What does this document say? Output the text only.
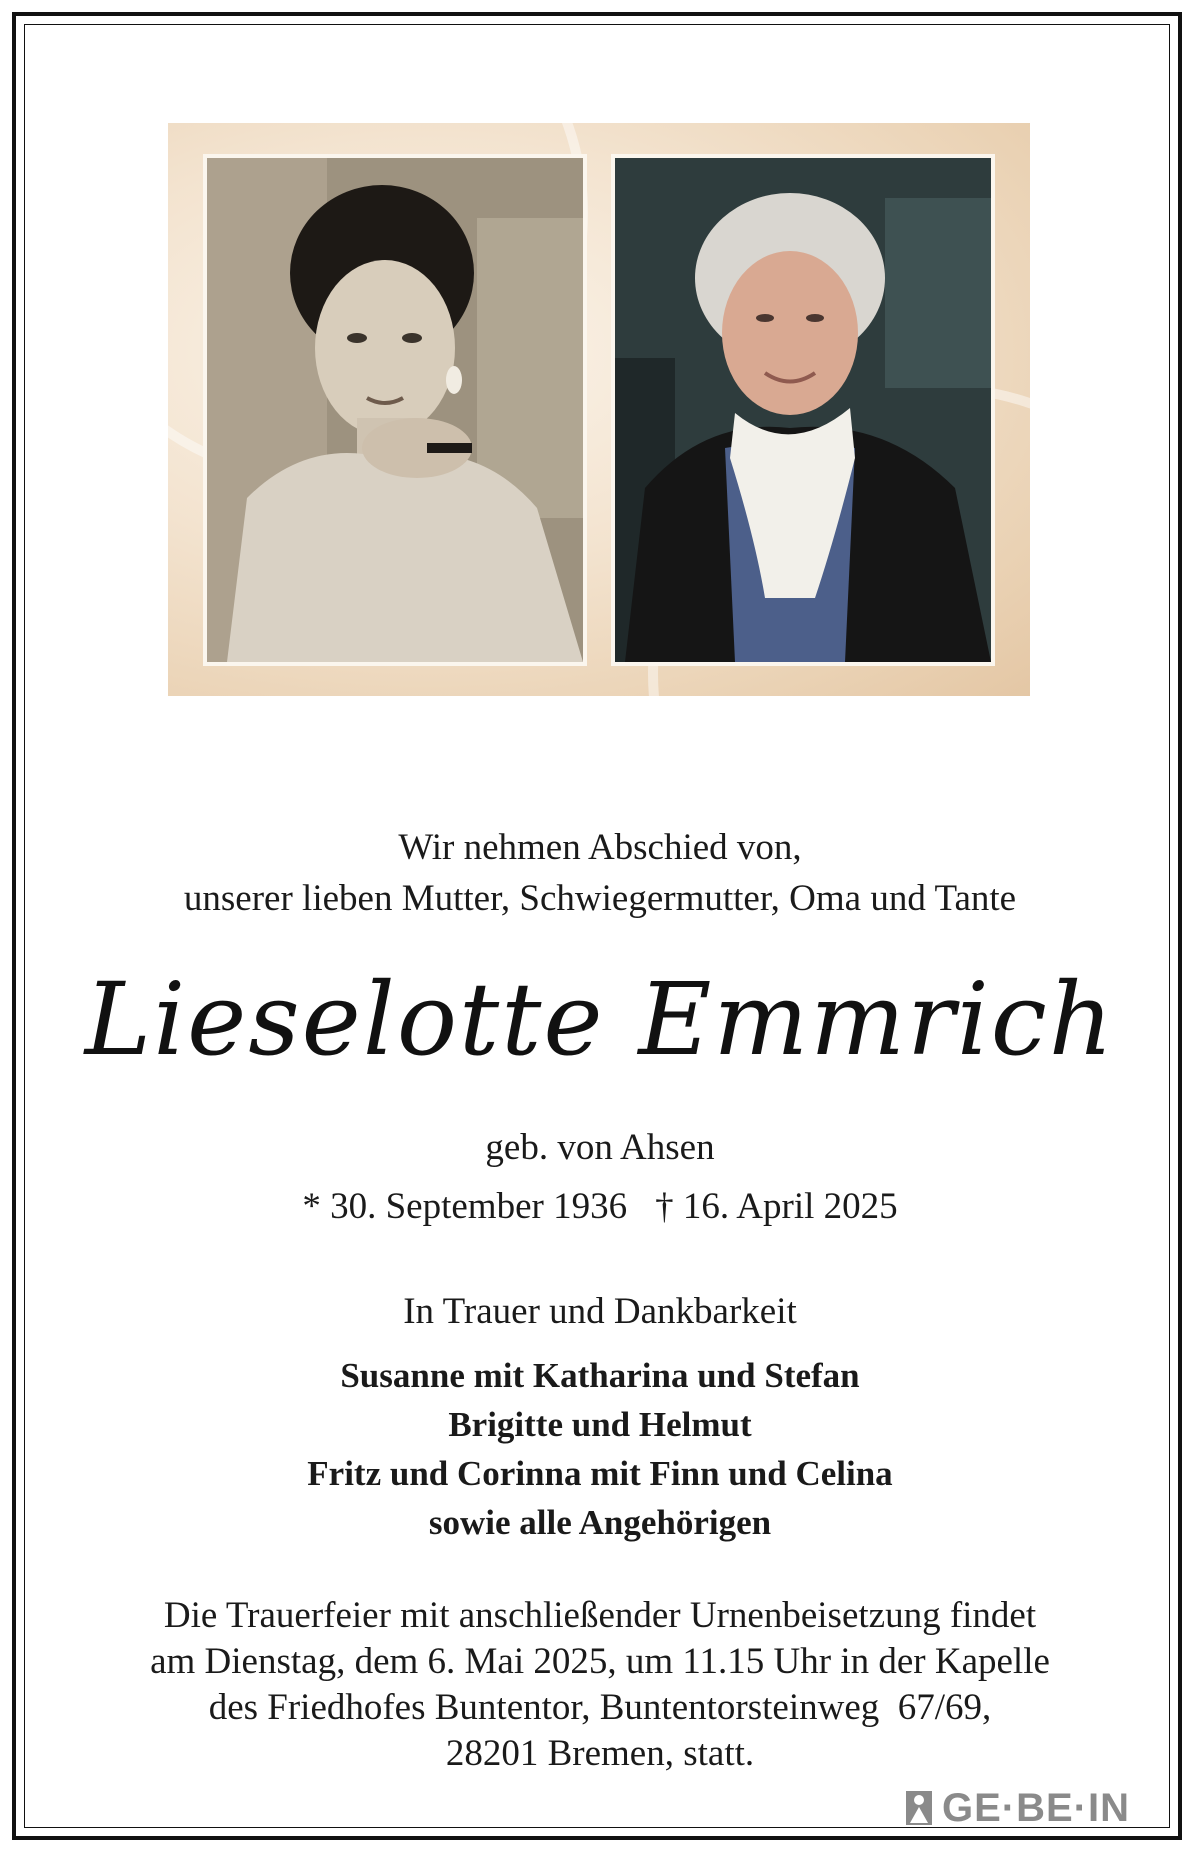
Wir nehmen Abschied von,
unserer lieben Mutter, Schwiegermutter, Oma und Tante
Lieselotte Emmrich
geb. von Ahsen
* 30. September 1936 † 16. April 2025
In Trauer und Dankbarkeit
Susanne mit Katharina und Stefan
Brigitte und Helmut
Fritz und Corinna mit Finn und Celina
sowie alle Angehörigen
Die Trauerfeier mit anschließender Urnenbeisetzung findet
am Dienstag, dem 6. Mai 2025, um 11.15 Uhr in der Kapelle
des Friedhofes Buntentor, Buntentorsteinweg  67/69,
28201 Bremen, statt.
GE·BE·IN
